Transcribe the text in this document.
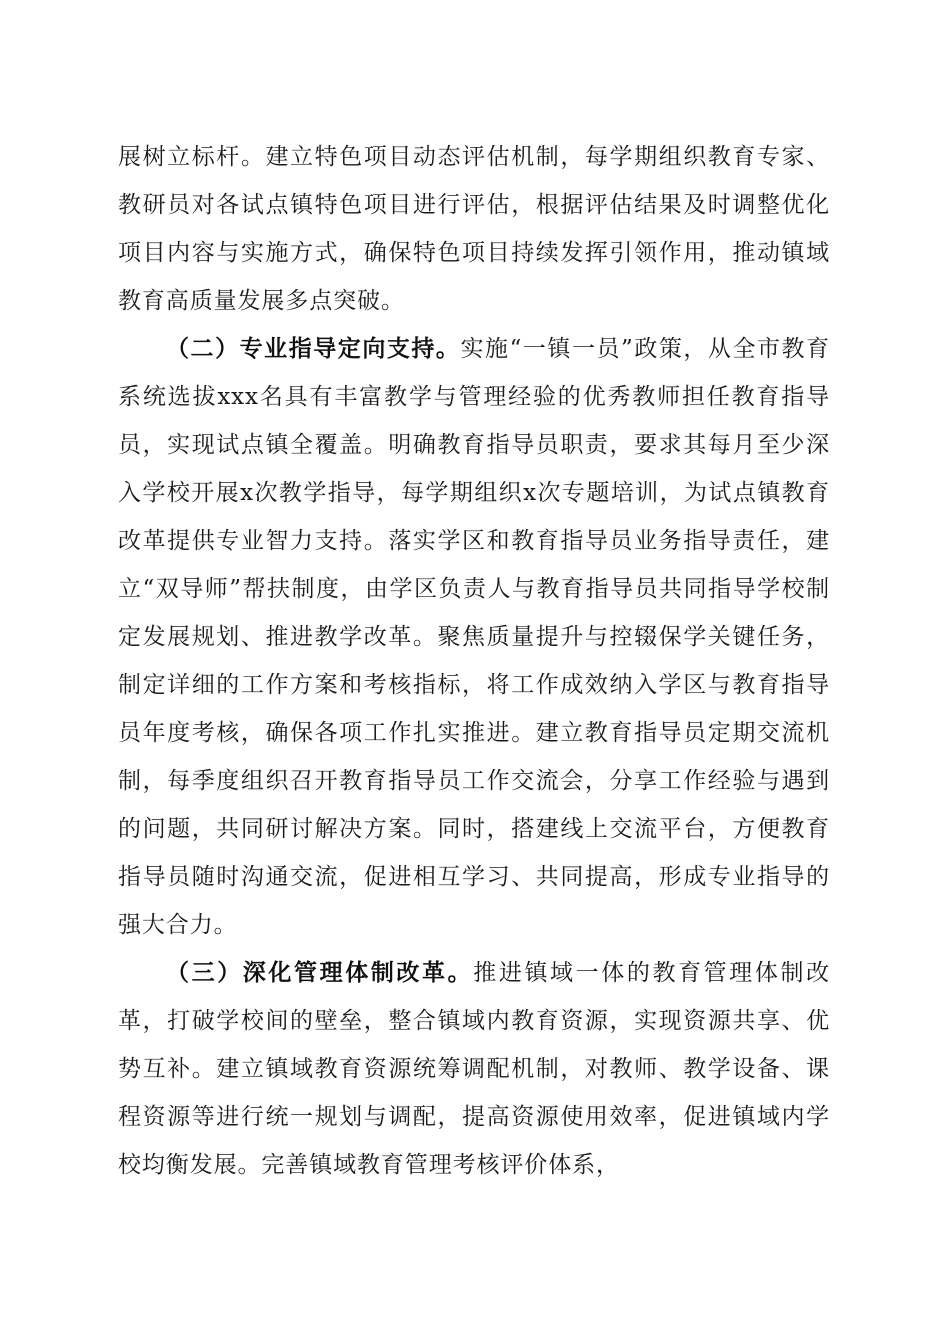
展树立标杆。建立特色项目动态评估机制，每学期组织教育专家、教研员对各试点镇特色项目进行评估，根据评估结果及时调整优化项目内容与实施方式，确保特色项目持续发挥引领作用，推动镇域教育高质量发展多点突破。

（二）专业指导定向支持。实施“一镇一员”政策，从全市教育系统选拔xxx名具有丰富教学与管理经验的优秀教师担任教育指导员，实现试点镇全覆盖。明确教育指导员职责，要求其每月至少深入学校开展x次教学指导，每学期组织x次专题培训，为试点镇教育改革提供专业智力支持。落实学区和教育指导员业务指导责任，建立“双导师”帮扶制度，由学区负责人与教育指导员共同指导学校制定发展规划、推进教学改革。聚焦质量提升与控辍保学关键任务，制定详细的工作方案和考核指标，将工作成效纳入学区与教育指导员年度考核，确保各项工作扎实推进。建立教育指导员定期交流机制，每季度组织召开教育指导员工作交流会，分享工作经验与遇到的问题，共同研讨解决方案。同时，搭建线上交流平台，方便教育指导员随时沟通交流，促进相互学习、共同提高，形成专业指导的强大合力。

（三）深化管理体制改革。推进镇域一体的教育管理体制改革，打破学校间的壁垒，整合镇域内教育资源，实现资源共享、优势互补。建立镇域教育资源统筹调配机制，对教师、教学设备、课程资源等进行统一规划与调配，提高资源使用效率，促进镇域内学校均衡发展。完善镇域教育管理考核评价体系，
